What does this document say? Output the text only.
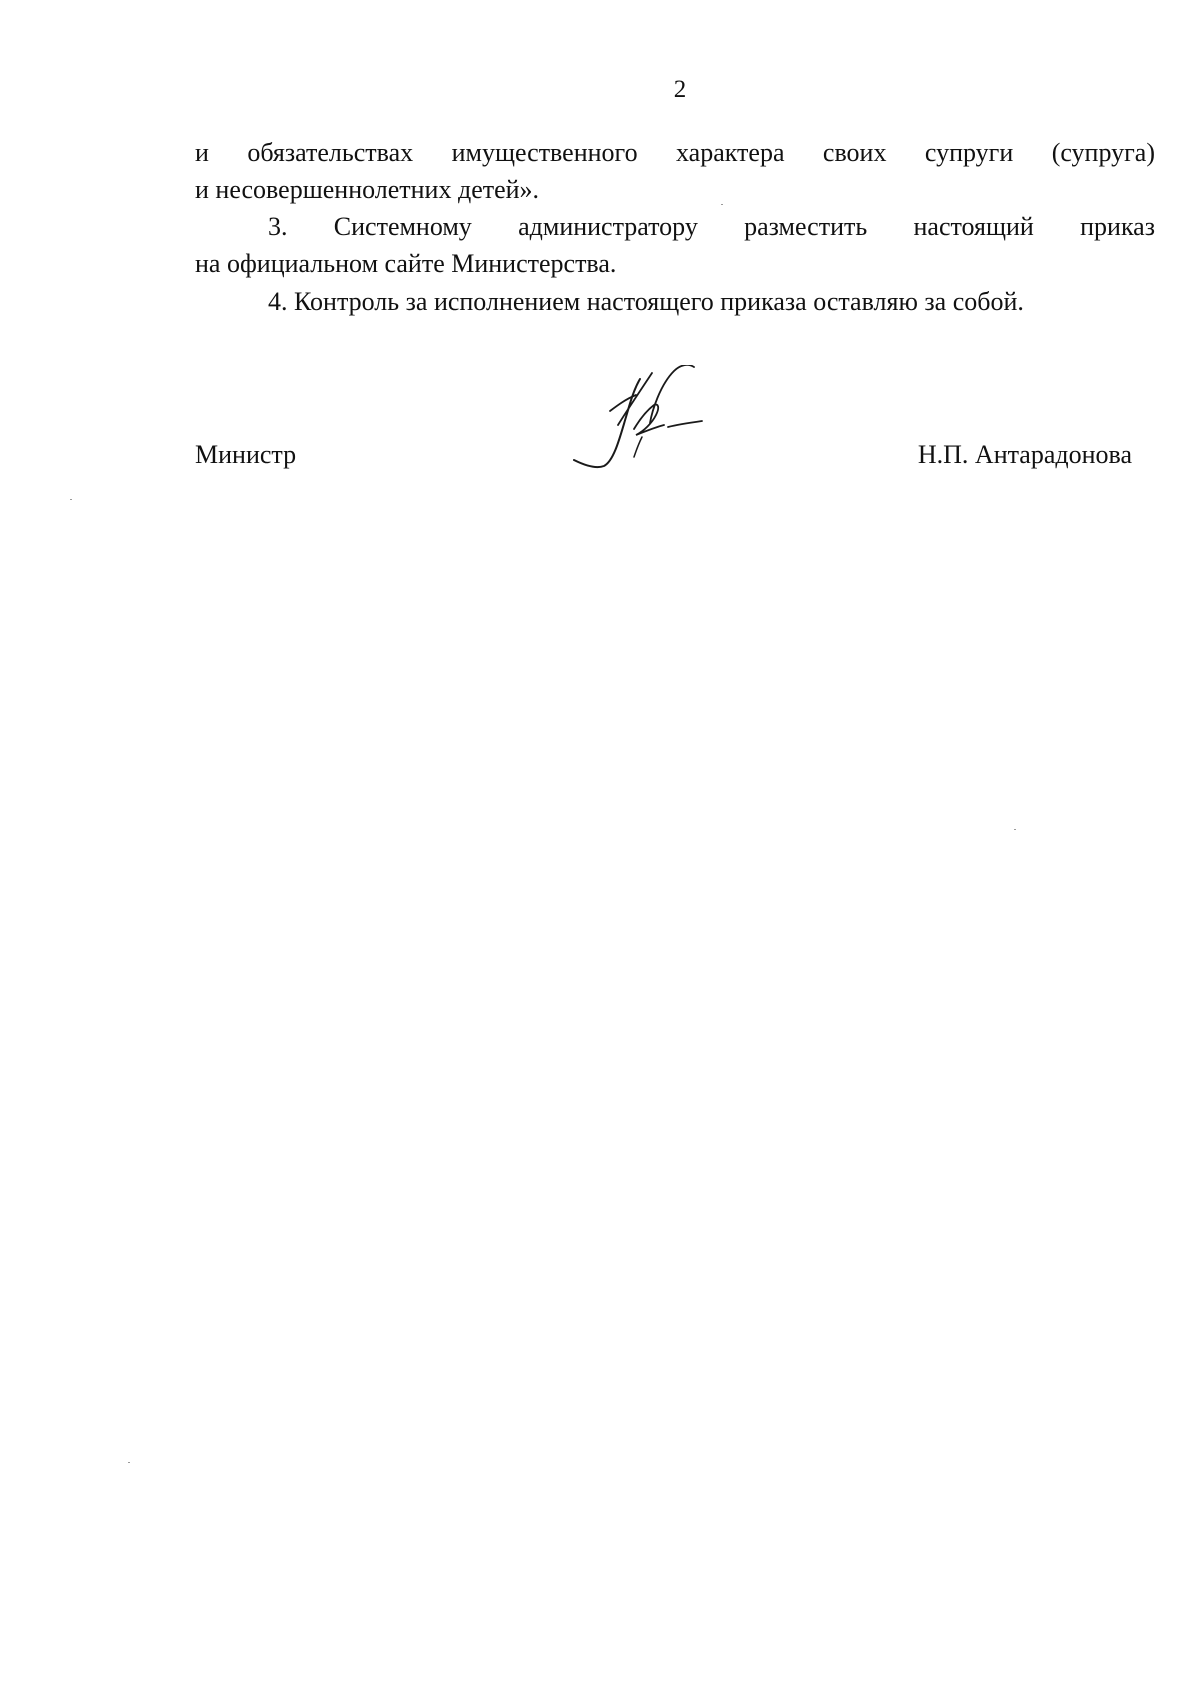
2
и обязательствах имущественного характера своих супруги (супруга)
и несовершеннолетних детей».
3. Системному администратору разместить настоящий приказ
на официальном сайте Министерства.
4. Контроль за исполнением настоящего приказа оставляю за собой.
Министр	Н.П. Антарадонова
